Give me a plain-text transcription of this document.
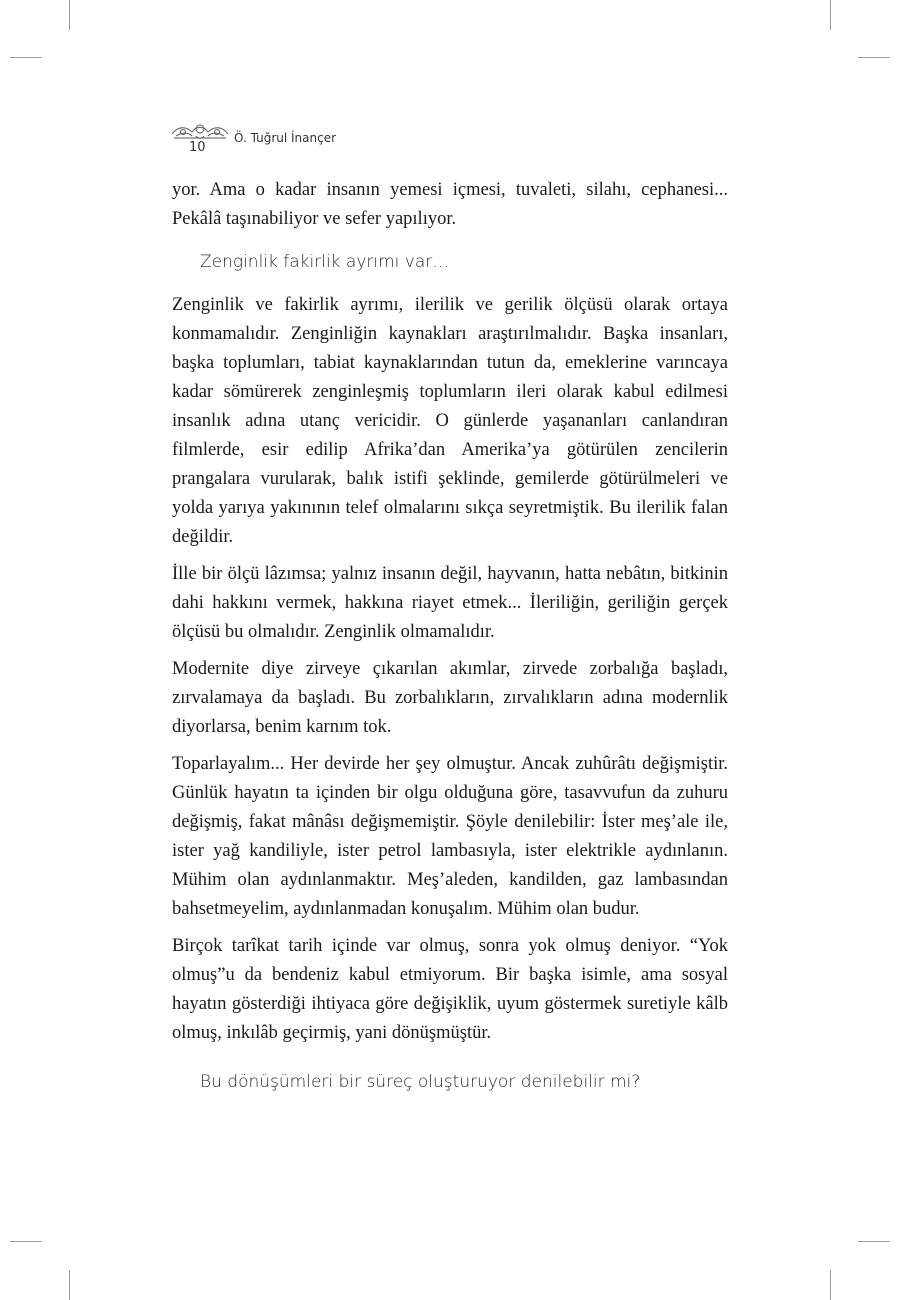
10
Ö. Tuğrul İnançer

yor. Ama o kadar insanın yemesi içmesi, tuvaleti, silahı, cephanesi... Pekâlâ taşınabiliyor ve sefer yapılıyor.

Zenginlik fakirlik ayrımı var…

Zenginlik ve fakirlik ayrımı, ilerilik ve gerilik ölçüsü olarak ortaya konmamalıdır. Zenginliğin kaynakları araştırılmalıdır. Başka insanları, başka toplumları, tabiat kaynaklarından tutun da, emeklerine varıncaya kadar sömürerek zenginleşmiş toplumların ileri olarak kabul edilmesi insanlık adına utanç vericidir. O günlerde yaşananları canlandıran filmlerde, esir edilip Afrika’dan Amerika’ya götürülen zencilerin prangalara vurularak, balık istifi şeklinde, gemilerde götürülmeleri ve yolda yarıya yakınının telef olmalarını sıkça seyretmiştik. Bu ilerilik falan değildir.

İlle bir ölçü lâzımsa; yalnız insanın değil, hayvanın, hatta nebâtın, bitkinin dahi hakkını vermek, hakkına riayet etmek... İleriliğin, geriliğin gerçek ölçüsü bu olmalıdır. Zenginlik olmamalıdır.

Modernite diye zirveye çıkarılan akımlar, zirvede zorbalığa başladı, zırvalamaya da başladı. Bu zorbalıkların, zırvalıkların adına modernlik diyorlarsa, benim karnım tok.

Toparlayalım... Her devirde her şey olmuştur. Ancak zuhûrâtı değişmiştir. Günlük hayatın ta içinden bir olgu olduğuna göre, tasavvufun da zuhuru değişmiş, fakat mânâsı değişmemiştir. Şöyle denilebilir: İster meş’ale ile, ister yağ kandiliyle, ister petrol lambasıyla, ister elektrikle aydınlanın. Mühim olan aydınlanmaktır. Meş’aleden, kandilden, gaz lambasından bahsetmeyelim, aydınlanmadan konuşalım. Mühim olan budur.

Birçok tarîkat tarih içinde var olmuş, sonra yok olmuş deniyor. “Yok olmuş”u da bendeniz kabul etmiyorum. Bir başka isimle, ama sosyal hayatın gösterdiği ihtiyaca göre değişiklik, uyum göstermek suretiyle kâlb olmuş, inkılâb geçirmiş, yani dönüşmüştür.

Bu dönüşümleri bir süreç oluşturuyor denilebilir mi?
